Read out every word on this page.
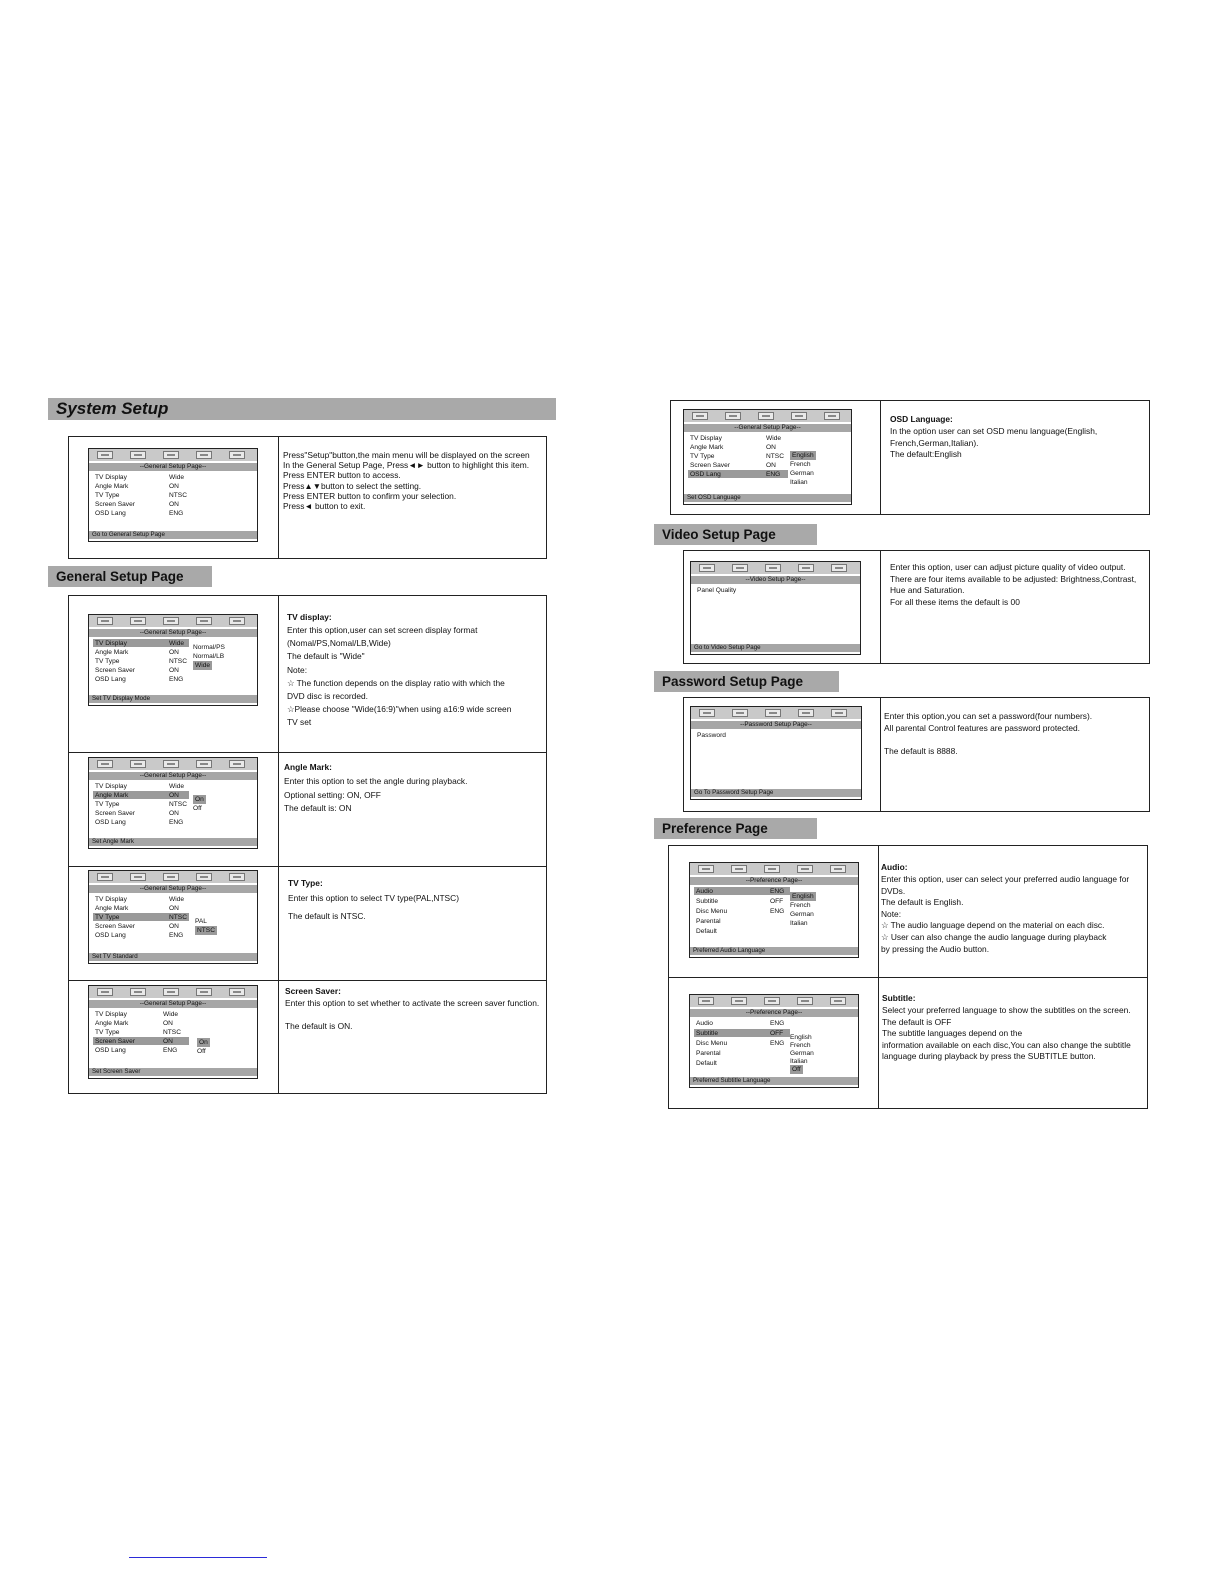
System Setup
--General Setup Page--
TV Display	Wide
Angle Mark	ON
TV Type	NTSC
Screen Saver	ON
OSD Lang	ENG
Go to General Setup Page
Press"Setup"button,the main menu will be displayed on the screen
In the General Setup Page, Press◄► button to highlight this item.
Press ENTER button to access.
Press▲▼button to select the setting.
Press ENTER button to confirm your selection.
Press◄ button to exit.
General Setup Page
--General Setup Page--
TV Display	Wide
Angle Mark	ON
TV Type	NTSC
Screen Saver	ON
OSD Lang	ENG
Normal/PS
Normal/LB
Wide
Set TV Display Mode
TV display:
Enter this option,user can set screen display format (Nomal/PS,Nomal/LB,Wide)
The default is "Wide"
Note:
☆ The function depends on the display ratio with which the
DVD disc is recorded.
☆Please choose "Wide(16:9)"when using a16:9 wide screen
TV set
--General Setup Page--
TV Display	Wide
Angle Mark	ON
TV Type	NTSC
Screen Saver	ON
OSD Lang	ENG
On
Off
Set Angle Mark
Angle Mark:
Enter this option to set the angle during playback.
Optional setting: ON, OFF
The default is: ON
--General Setup Page--
TV Display	Wide
Angle Mark	ON
TV Type	NTSC
Screen Saver	ON
OSD Lang	ENG
PAL
NTSC
Set TV Standard
TV Type:
Enter this option to select TV type(PAL,NTSC)

The default is NTSC.
--General Setup Page--
TV Display	Wide
Angle Mark	ON
TV Type	NTSC
Screen Saver	ON
OSD Lang	ENG
On
Off
Set Screen Saver
Screen Saver:
Enter this option to set whether to activate the screen saver function.

The default is ON.
--General Setup Page--
TV Display	Wide
Angle Mark	ON
TV Type	NTSC
Screen Saver	ON
OSD Lang	ENG
English
French
German
Italian
Set OSD Language
OSD Language:
In the option user can set OSD menu language(English, French,German,Italian).
The default:English
Video Setup Page
--Video Setup Page--
Panel Quality
Go to Video Setup Page
Enter this option, user can adjust picture quality of video output. There are four items available to be adjusted: Brightness,Contrast, Hue and Saturation.
For all these items the default is 00
Password Setup Page
--Password Setup Page--
Password
Go To Password Setup Page
Enter this option,you can set a password(four numbers).
All parental Control features are password protected.

The default is 8888.
Preference Page
--Preference Page--
Audio	ENG
Subtitle	OFF
Disc Menu	ENG
Parental
Default
English
French
German
Italian
Preferred Audio Language
Audio:
Enter this option, user can select your preferred audio language for DVDs.
The default is English.
Note:
☆ The audio language depend on the material on each disc.
☆ User can also change the audio language during playback
by pressing the Audio button.
--Preference Page--
Audio	ENG
Subtitle	OFF
Disc Menu	ENG
Parental
Default
English
French
German
Italian
Off
Preferred Subtitle Language
Subtitle:
Select your preferred language to show the subtitles on the screen.
The default is OFF
The subtitle languages depend on the
information available on each disc,You can also change the subtitle language during playback by press the SUBTITLE button.
